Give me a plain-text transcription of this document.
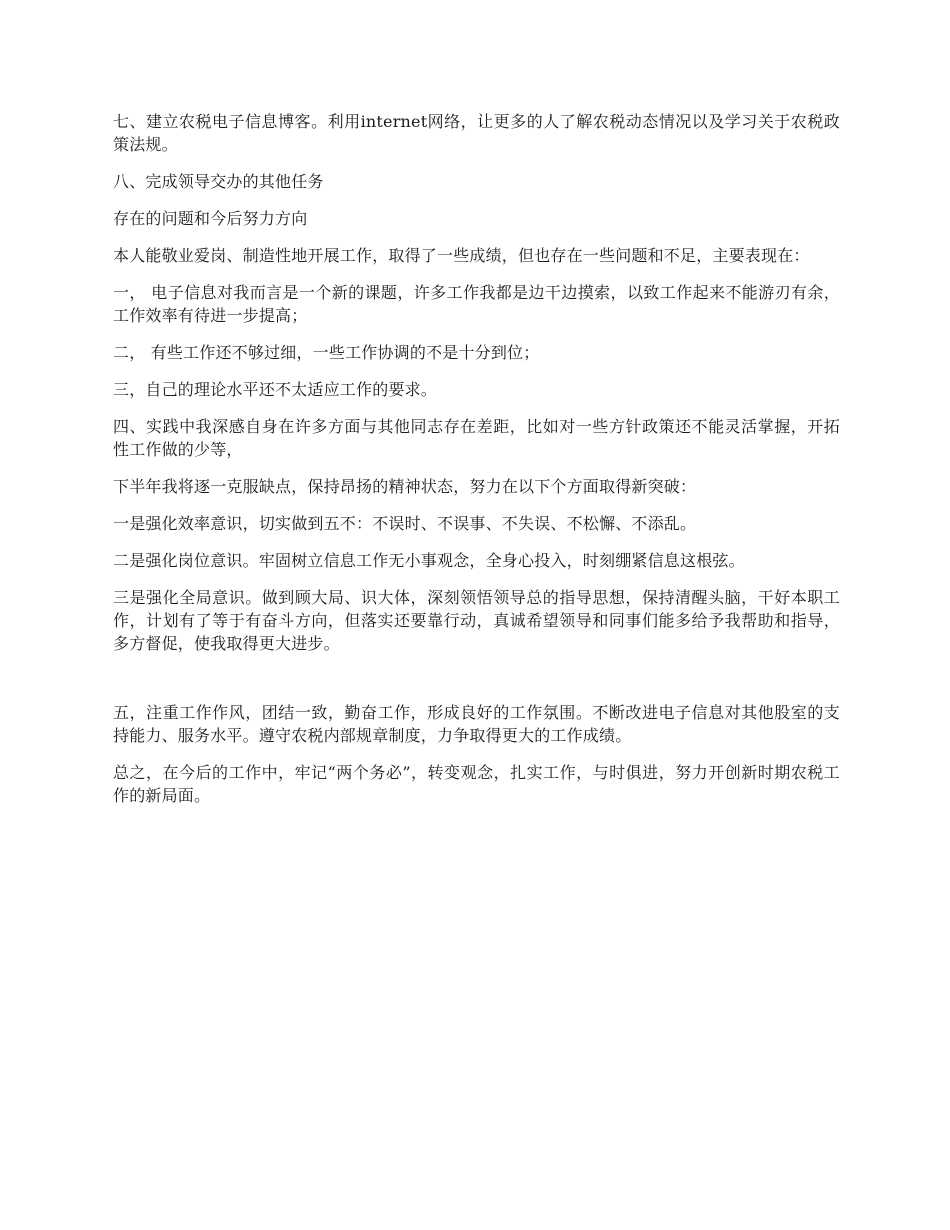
七、建立农税电子信息博客。利用internet网络，让更多的人了解农税动态情况以及学习关于农税政策法规。

八、完成领导交办的其他任务

存在的问题和今后努力方向

本人能敬业爱岗、制造性地开展工作，取得了一些成绩，但也存在一些问题和不足，主要表现在：

一， 电子信息对我而言是一个新的课题，许多工作我都是边干边摸索，以致工作起来不能游刃有余，工作效率有待进一步提高；

二， 有些工作还不够过细，一些工作协调的不是十分到位；

三，自己的理论水平还不太适应工作的要求。

四、实践中我深感自身在许多方面与其他同志存在差距，比如对一些方针政策还不能灵活掌握，开拓性工作做的少等，

下半年我将逐一克服缺点，保持昂扬的精神状态，努力在以下个方面取得新突破：

一是强化效率意识，切实做到五不：不误时、不误事、不失误、不松懈、不添乱。

二是强化岗位意识。牢固树立信息工作无小事观念，全身心投入，时刻绷紧信息这根弦。

三是强化全局意识。做到顾大局、识大体，深刻领悟领导总的指导思想，保持清醒头脑，干好本职工作，计划有了等于有奋斗方向，但落实还要靠行动，真诚希望领导和同事们能多给予我帮助和指导，多方督促，使我取得更大进步。

五，注重工作作风，团结一致，勤奋工作，形成良好的工作氛围。不断改进电子信息对其他股室的支持能力、服务水平。遵守农税内部规章制度，力争取得更大的工作成绩。

总之，在今后的工作中，牢记“两个务必”，转变观念，扎实工作，与时俱进，努力开创新时期农税工作的新局面。
